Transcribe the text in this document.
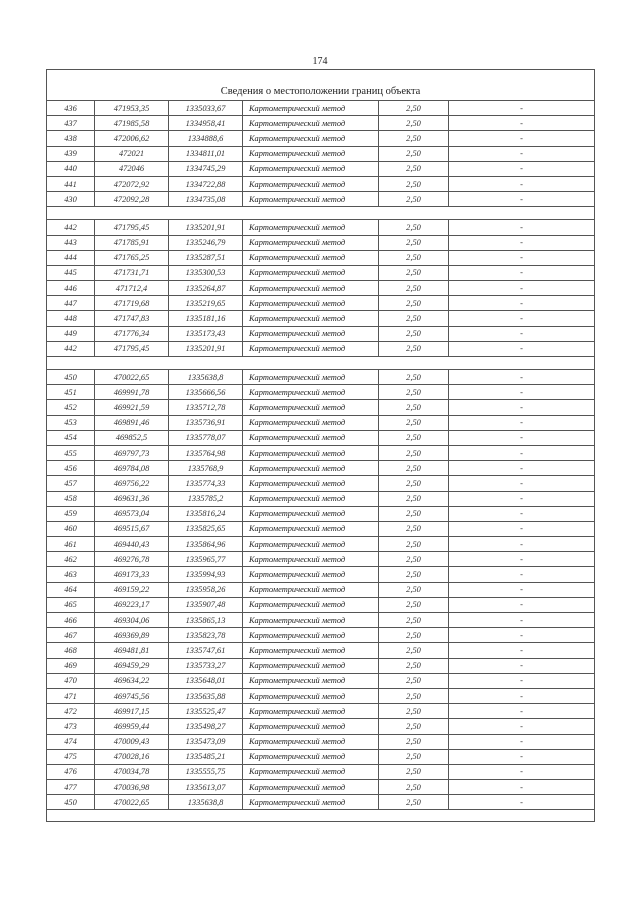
174
Сведения о местоположении границ объекта					
436	471953,35	1335033,67	Картометрический метод	2,50	-
437	471985,58	1334958,41	Картометрический метод	2,50	-
438	472006,62	1334888,6	Картометрический метод	2,50	-
439	472021	1334811,01	Картометрический метод	2,50	-
440	472046	1334745,29	Картометрический метод	2,50	-
441	472072,92	1334722,88	Картометрический метод	2,50	-
430	472092,28	1334735,08	Картометрический метод	2,50	-

442	471795,45	1335201,91	Картометрический метод	2,50	-
443	471785,91	1335246,79	Картометрический метод	2,50	-
444	471765,25	1335287,51	Картометрический метод	2,50	-
445	471731,71	1335300,53	Картометрический метод	2,50	-
446	471712,4	1335264,87	Картометрический метод	2,50	-
447	471719,68	1335219,65	Картометрический метод	2,50	-
448	471747,83	1335181,16	Картометрический метод	2,50	-
449	471776,34	1335173,43	Картометрический метод	2,50	-
442	471795,45	1335201,91	Картометрический метод	2,50	-

450	470022,65	1335638,8	Картометрический метод	2,50	-
451	469991,78	1335666,56	Картометрический метод	2,50	-
452	469921,59	1335712,78	Картометрический метод	2,50	-
453	469891,46	1335736,91	Картометрический метод	2,50	-
454	469852,5	1335778,07	Картометрический метод	2,50	-
455	469797,73	1335764,98	Картометрический метод	2,50	-
456	469784,08	1335768,9	Картометрический метод	2,50	-
457	469756,22	1335774,33	Картометрический метод	2,50	-
458	469631,36	1335785,2	Картометрический метод	2,50	-
459	469573,04	1335816,24	Картометрический метод	2,50	-
460	469515,67	1335825,65	Картометрический метод	2,50	-
461	469440,43	1335864,96	Картометрический метод	2,50	-
462	469276,78	1335965,77	Картометрический метод	2,50	-
463	469173,33	1335994,93	Картометрический метод	2,50	-
464	469159,22	1335958,26	Картометрический метод	2,50	-
465	469223,17	1335907,48	Картометрический метод	2,50	-
466	469304,06	1335865,13	Картометрический метод	2,50	-
467	469369,89	1335823,78	Картометрический метод	2,50	-
468	469481,81	1335747,61	Картометрический метод	2,50	-
469	469459,29	1335733,27	Картометрический метод	2,50	-
470	469634,22	1335648,01	Картометрический метод	2,50	-
471	469745,56	1335635,88	Картометрический метод	2,50	-
472	469917,15	1335525,47	Картометрический метод	2,50	-
473	469959,44	1335498,27	Картометрический метод	2,50	-
474	470009,43	1335473,09	Картометрический метод	2,50	-
475	470028,16	1335485,21	Картометрический метод	2,50	-
476	470034,78	1335555,75	Картометрический метод	2,50	-
477	470036,98	1335613,07	Картометрический метод	2,50	-
450	470022,65	1335638,8	Картометрический метод	2,50	-
